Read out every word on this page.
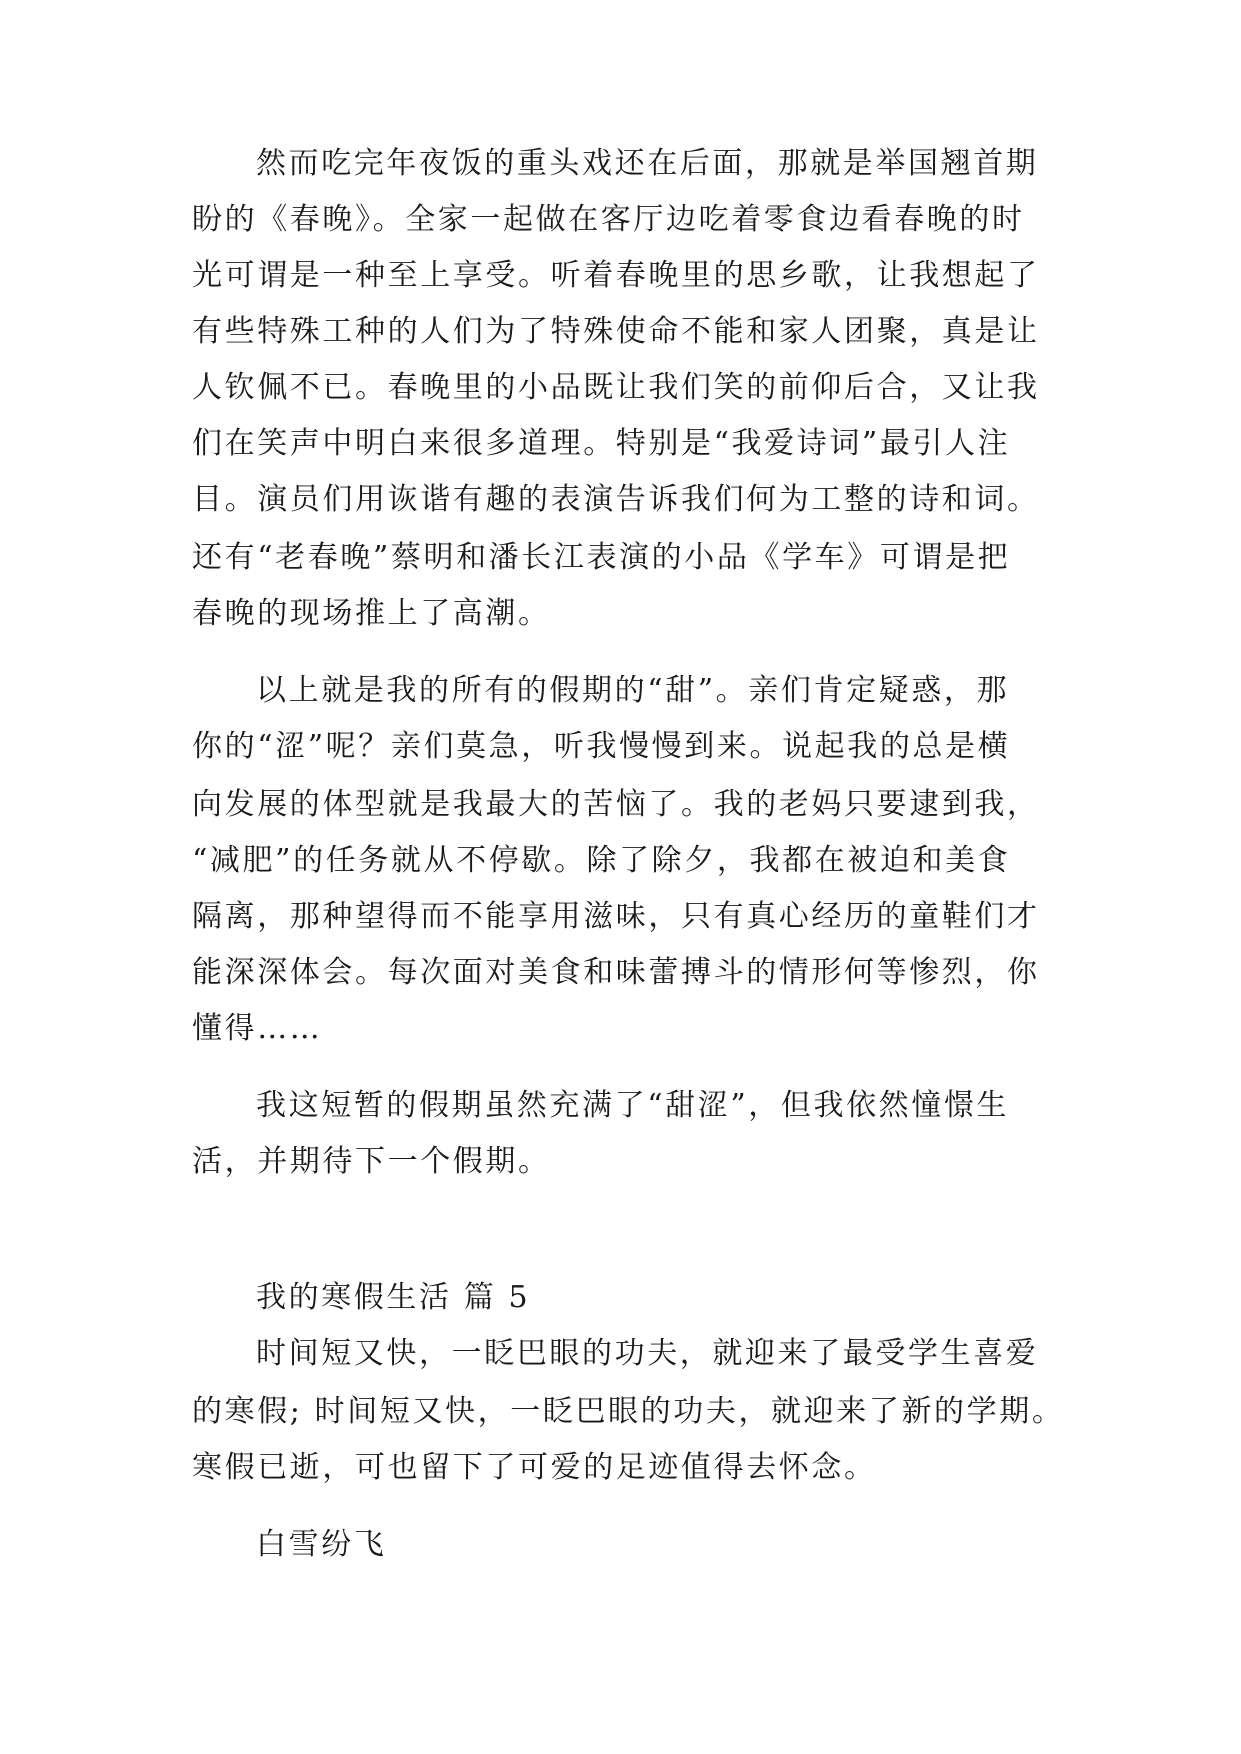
然而吃完年夜饭的重头戏还在后面，那就是举国翘首期
盼的《春晚》。全家一起做在客厅边吃着零食边看春晚的时
光可谓是一种至上享受。听着春晚里的思乡歌，让我想起了
有些特殊工种的人们为了特殊使命不能和家人团聚，真是让
人钦佩不已。春晚里的小品既让我们笑的前仰后合，又让我
们在笑声中明白来很多道理。特别是“我爱诗词”最引人注
目。演员们用诙谐有趣的表演告诉我们何为工整的诗和词。
还有“老春晚”蔡明和潘长江表演的小品《学车》可谓是把
春晚的现场推上了高潮。
以上就是我的所有的假期的“甜”。亲们肯定疑惑，那
你的“涩”呢？亲们莫急，听我慢慢到来。说起我的总是横
向发展的体型就是我最大的苦恼了。我的老妈只要逮到我，
“减肥”的任务就从不停歇。除了除夕，我都在被迫和美食
隔离，那种望得而不能享用滋味，只有真心经历的童鞋们才
能深深体会。每次面对美食和味蕾搏斗的情形何等惨烈，你
懂得……
我这短暂的假期虽然充满了“甜涩”，但我依然憧憬生
活，并期待下一个假期。
我的寒假生活 篇 5
时间短又快，一眨巴眼的功夫，就迎来了最受学生喜爱
的寒假; 时间短又快，一眨巴眼的功夫，就迎来了新的学期。
寒假已逝，可也留下了可爱的足迹值得去怀念。
白雪纷飞
